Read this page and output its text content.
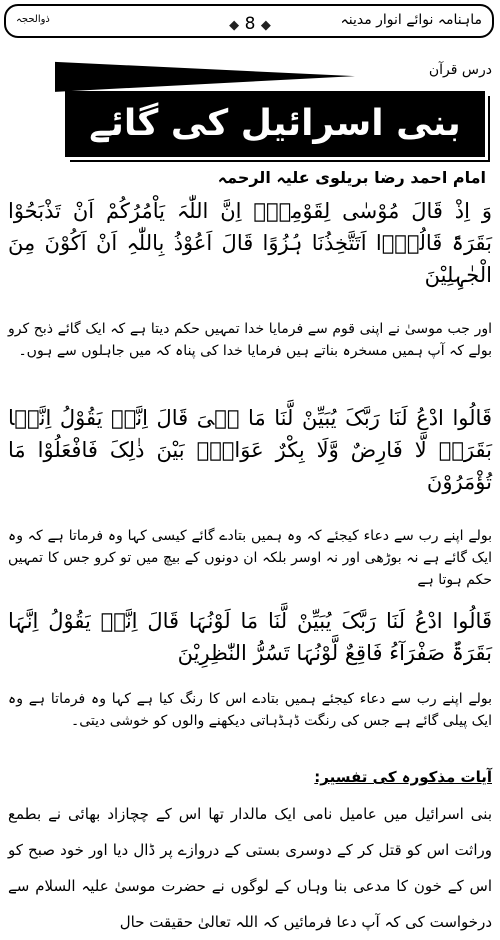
ماہنامہ نوائے انوار مدینہ
ذوالحجہ	◆ 8 ◆
درس قرآن
بنی اسرائیل کی گائے
امام احمد رضا بریلوی علیہ الرحمہ
وَ اِذْ قَالَ مُوْسٰی لِقَوْمِہٖۤ اِنَّ اللّٰہَ یَاْمُرُکُمْ اَنْ تَذْبَحُوْا بَقَرَۃً قَالُوْۤا اَتَتَّخِذُنَا ہُزُوًا قَالَ اَعُوْذُ بِاللّٰہِ اَنْ اَکُوْنَ مِنَ الْجٰہِلِیْنَ
اور جب موسیٰ نے اپنی قوم سے فرمایا خدا تمہیں حکم دیتا ہے کہ ایک گائے ذبح کرو بولے کہ آپ ہمیں مسخرہ بناتے ہیں فرمایا خدا کی پناہ کہ میں جاہلوں سے ہوں۔
قَالُوا ادْعُ لَنَا رَبَّکَ یُبَیِّنْ لَّنَا مَا ہِیَ قَالَ اِنَّہٗ یَقُوْلُ اِنَّہَا بَقَرَۃٌ لَّا فَارِضٌ وَّلَا بِکْرٌ عَوَانٌۢ بَیْنَ ذٰلِکَ فَافْعَلُوْا مَا تُؤْمَرُوْنَ
بولے اپنے رب سے دعاء کیجئے کہ وہ ہمیں بتادے گائے کیسی کہا وہ فرماتا ہے کہ وہ ایک گائے ہے نہ بوڑھی اور نہ اوسر بلکہ ان دونوں کے بیچ میں تو کرو جس کا تمہیں حکم ہوتا ہے
قَالُوا ادْعُ لَنَا رَبَّکَ یُبَیِّنْ لَّنَا مَا لَوْنُہَا قَالَ اِنَّہٗ یَقُوْلُ اِنَّہَا بَقَرَۃٌ صَفْرَآءُ فَاقِعٌ لَّوْنُہَا تَسُرُّ النّٰظِرِیْنَ
بولے اپنے رب سے دعاء کیجئے ہمیں بتادے اس کا رنگ کیا ہے کہا وہ فرماتا ہے وہ ایک پیلی گائے ہے جس کی رنگت ڈہڈہاتی دیکھنے والوں کو خوشی دیتی۔
آیات مذکورہ کی تفسیر:
بنی اسرائیل میں عامیل نامی ایک مالدار تھا اس کے چچازاد بھائی نے بطمع وراثت اس کو قتل کر کے دوسری بستی کے دروازے پر ڈال دیا اور خود صبح کو اس کے خون کا مدعی بنا وہاں کے لوگوں نے حضرت موسیٰ علیہ السلام سے درخواست کی کہ آپ دعا فرمائیں کہ اللہ تعالیٰ حقیقت حال
